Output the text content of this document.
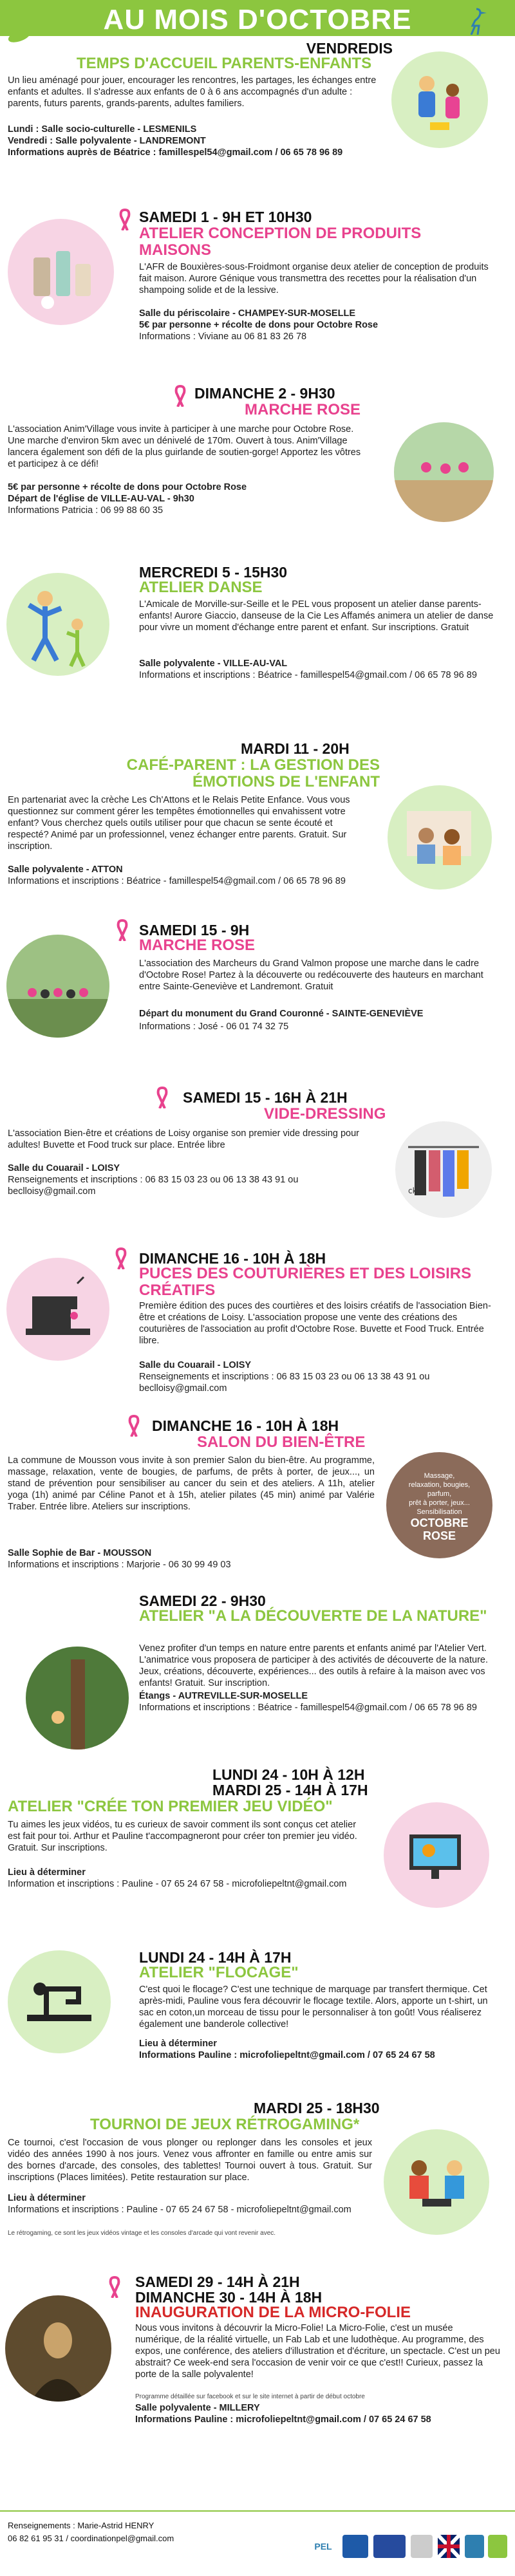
AU MOIS D'OCTOBRE
VENDREDIS
TEMPS D'ACCUEIL PARENTS-ENFANTS
Un lieu aménagé pour jouer, encourager les rencontres, les partages, les échanges entre enfants et adultes. Il s'adresse aux enfants de 0 à 6 ans accompagnés d'un adulte : parents, futurs parents, grands-parents, adultes familiers.
Lundi : Salle socio-culturelle - LESMENILS
Vendredi : Salle polyvalente - LANDREMONT
Informations auprès de Béatrice : famillespel54@gmail.com / 06 65 78 96 89
SAMEDI 1 - 9H ET 10H30
ATELIER CONCEPTION DE PRODUITS MAISONS
L'AFR de Bouxières-sous-Froidmont organise deux atelier de conception de produits fait maison. Aurore Génique vous transmettra des recettes pour la réalisation d'un shampoing solide et de la lessive.
Salle du périscolaire - CHAMPEY-SUR-MOSELLE
5€ par personne + récolte de dons pour Octobre Rose
Informations : Viviane au 06 81 83 26 78
DIMANCHE 2 - 9H30
MARCHE ROSE
L'association Anim'Village vous invite à participer à une marche pour Octobre Rose. Une marche d'environ 5km avec un dénivelé de 170m. Ouvert à tous. Anim'Village lancera également son défi de la plus guirlande de soutien-gorge! Apportez les vôtres et participez à ce défi!
5€ par personne + récolte de dons pour Octobre Rose
Départ de l'église de VILLE-AU-VAL - 9h30
Informations Patricia : 06 99 88 60 35
MERCREDI 5 - 15H30
ATELIER DANSE
L'Amicale de Morville-sur-Seille et le PEL vous proposent un atelier danse parents-enfants! Aurore Giaccio, danseuse de la Cie Les Affamés animera un atelier de danse pour vivre un moment d'échange entre parent et enfant. Sur inscriptions. Gratuit
Salle polyvalente - VILLE-AU-VAL
Informations et inscriptions : Béatrice - famillespel54@gmail.com / 06 65 78 96 89
MARDI 11 - 20H
CAFÉ-PARENT : LA GESTION DES ÉMOTIONS DE L'ENFANT
En partenariat avec la crèche Les Ch'Attons et le Relais Petite Enfance. Vous vous questionnez sur comment gérer les tempêtes émotionnelles qui envahissent votre enfant? Vous cherchez quels outils utiliser pour que chacun se sente écouté et respecté? Animé par un professionnel, venez échanger entre parents. Gratuit. Sur inscription.
Salle polyvalente - ATTON
Informations et inscriptions : Béatrice - famillespel54@gmail.com / 06 65 78 96 89
SAMEDI 15 - 9H
MARCHE ROSE
L'association des Marcheurs du Grand Valmon propose une marche dans le cadre d'Octobre Rose! Partez à la découverte ou redécouverte des hauteurs en marchant entre Sainte-Geneviève et Landremont. Gratuit
Départ du monument du Grand Couronné - SAINTE-GENEVIÈVE
Informations : José - 06 01 74 32 75
SAMEDI 15 - 16H À 21H
VIDE-DRESSING
L'association Bien-être et créations de Loisy organise son premier vide dressing pour adultes! Buvette et Food truck sur place. Entrée libre
Salle du Couarail - LOISY
Renseignements et inscriptions : 06 83 15 03 23 ou 06 13 38 43 91 ou beclloisy@gmail.com	ck
DIMANCHE 16 - 10H À 18H
PUCES DES COUTURIÈRES ET DES LOISIRS CRÉATIFS
Première édition des puces des courtières et des loisirs créatifs de l'association Bien-être et créations de Loisy. L'association propose une vente des créations des couturières de l'association au profit d'Octobre Rose. Buvette et Food Truck. Entrée libre.
Salle du Couarail - LOISY
Renseignements et inscriptions : 06 83 15 03 23 ou 06 13 38 43 91 ou beclloisy@gmail.com
DIMANCHE 16 - 10H À 18H
SALON DU BIEN-ÊTRE
La commune de Mousson vous invite à son premier Salon du bien-être. Au programme, massage, relaxation, vente de bougies, de parfums, de prêts à porter, de jeux..., un stand de prévention pour sensibiliser au cancer du sein et des ateliers. A 11h, atelier yoga (1h) animé par Céline Panot et à 15h, atelier pilates (45 min) animé par Valérie Traber. Entrée libre. Ateliers sur inscriptions.
Salle Sophie de Bar - MOUSSON
Informations et inscriptions : Marjorie - 06 30 99 49 03
Massage,
relaxation, bougies,
parfum,
prêt à porter, jeux...
Sensibilisation
OCTOBRE
ROSE
SAMEDI 22 - 9H30
ATELIER "A LA DÉCOUVERTE DE LA NATURE"
Venez profiter d'un temps en nature entre parents et enfants animé par l'Atelier Vert. L'animatrice vous proposera de participer à des activités de découverte de la nature. Jeux, créations, découverte, expériences... des outils à refaire à la maison avec vos enfants! Gratuit. Sur inscription.
Étangs - AUTREVILLE-SUR-MOSELLE
Informations et inscriptions : Béatrice - famillespel54@gmail.com / 06 65 78 96 89
LUNDI 24 - 10H À 12H
MARDI 25 - 14H À 17H
ATELIER "CRÉE TON PREMIER JEU VIDÉO"
Tu aimes les jeux vidéos, tu es curieux de savoir comment ils sont conçus cet atelier est fait pour toi. Arthur et Pauline t'accompagneront pour créer ton premier jeu vidéo. Gratuit. Sur inscriptions.
Lieu à déterminer
Information et inscriptions : Pauline - 07 65 24 67 58 - microfoliepeltnt@gmail.com
LUNDI 24 - 14H À 17H
ATELIER "FLOCAGE"
C'est quoi le flocage? C'est une technique de marquage par transfert thermique. Cet après-midi, Pauline vous fera découvrir le flocage textile. Alors, apporte un t-shirt, un sac en coton,un morceau de tissu pour le personnaliser à ton goût! Vous réaliserez également une banderole collective!
Lieu à déterminer
Informations Pauline : microfoliepeltnt@gmail.com / 07 65 24 67 58
MARDI 25 - 18H30
TOURNOI DE JEUX RÉTROGAMING*
Ce tournoi, c'est l'occasion de vous plonger ou replonger dans les consoles et jeux vidéo des années 1990 à nos jours. Venez vous affronter en famille ou entre amis sur des bornes d'arcade, des consoles, des tablettes! Tournoi ouvert à tous. Gratuit. Sur inscriptions (Places limitées). Petite restauration sur place.
Lieu à déterminer
Informations et inscriptions : Pauline - 07 65 24 67 58 - microfoliepeltnt@gmail.com
Le rétrogaming, ce sont les jeux vidéos vintage et les consoles d'arcade qui vont revenir avec.
SAMEDI 29 - 14H À 21H
DIMANCHE 30 - 14H À 18H
INAUGURATION DE LA MICRO-FOLIE
Nous vous invitons à découvrir la Micro-Folie! La Micro-Folie, c'est un musée numérique, de la réalité virtuelle, un Fab Lab et une ludothèque. Au programme, des expos, une conférence, des ateliers d'illustration et d'écriture, un spectacle. C'est un peu abstrait? Ce week-end sera l'occasion de venir voir ce que c'est!! Curieux, passez la porte de la salle polyvalente!
Programme détaillée sur facebook et sur le site internet à partir de début octobre
Salle polyvalente - MILLERY
Informations Pauline : microfoliepeltnt@gmail.com / 07 65 24 67 58
Renseignements : Marie-Astrid HENRY
06 82 61 95 31 / coordinationpel@gmail.com
PEL
